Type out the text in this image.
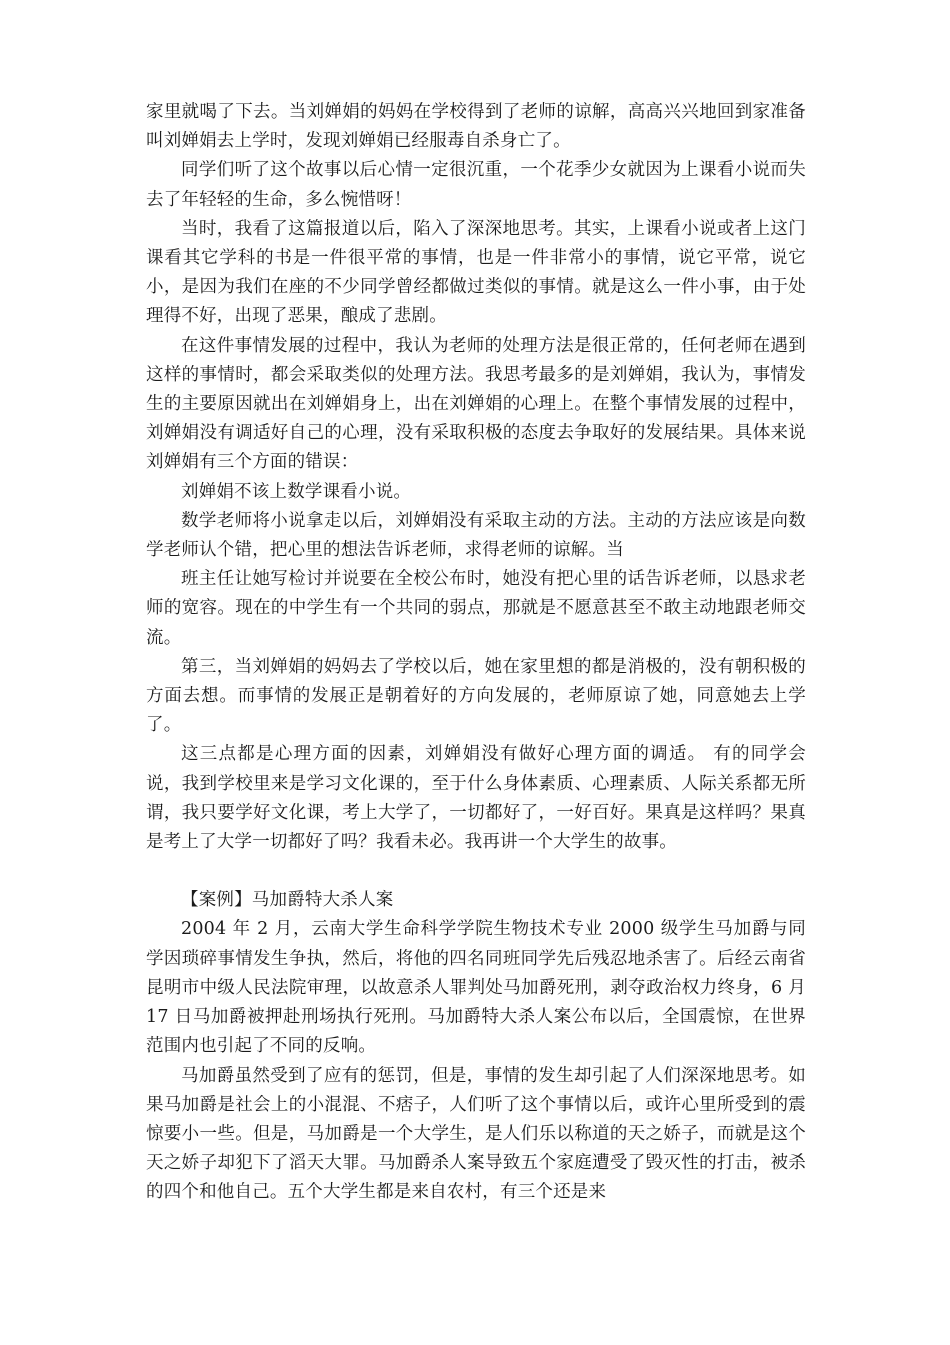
家里就喝了下去。当刘婵娟的妈妈在学校得到了老师的谅解，高高兴兴地回到家准备叫刘婵娟去上学时，发现刘婵娟已经服毒自杀身亡了。

同学们听了这个故事以后心情一定很沉重，一个花季少女就因为上课看小说而失去了年轻轻的生命，多么惋惜呀！

当时，我看了这篇报道以后，陷入了深深地思考。其实，上课看小说或者上这门课看其它学科的书是一件很平常的事情，也是一件非常小的事情，说它平常，说它小，是因为我们在座的不少同学曾经都做过类似的事情。就是这么一件小事，由于处理得不好，出现了恶果，酿成了悲剧。

在这件事情发展的过程中，我认为老师的处理方法是很正常的，任何老师在遇到这样的事情时，都会采取类似的处理方法。我思考最多的是刘婵娟，我认为，事情发生的主要原因就出在刘婵娟身上，出在刘婵娟的心理上。在整个事情发展的过程中，刘婵娟没有调适好自己的心理，没有采取积极的态度去争取好的发展结果。具体来说刘婵娟有三个方面的错误：

刘婵娟不该上数学课看小说。

数学老师将小说拿走以后，刘婵娟没有采取主动的方法。主动的方法应该是向数学老师认个错，把心里的想法告诉老师，求得老师的谅解。当

班主任让她写检讨并说要在全校公布时，她没有把心里的话告诉老师，以恳求老师的宽容。现在的中学生有一个共同的弱点，那就是不愿意甚至不敢主动地跟老师交流。

第三，当刘婵娟的妈妈去了学校以后，她在家里想的都是消极的，没有朝积极的方面去想。而事情的发展正是朝着好的方向发展的，老师原谅了她，同意她去上学了。

这三点都是心理方面的因素，刘婵娟没有做好心理方面的调适。 有的同学会说，我到学校里来是学习文化课的，至于什么身体素质、心理素质、人际关系都无所谓，我只要学好文化课，考上大学了，一切都好了，一好百好。果真是这样吗？果真是考上了大学一切都好了吗？我看未必。我再讲一个大学生的故事。

【案例】马加爵特大杀人案

2004 年 2 月，云南大学生命科学学院生物技术专业 2000 级学生马加爵与同学因琐碎事情发生争执，然后，将他的四名同班同学先后残忍地杀害了。后经云南省昆明市中级人民法院审理，以故意杀人罪判处马加爵死刑，剥夺政治权力终身，6 月 17 日马加爵被押赴刑场执行死刑。马加爵特大杀人案公布以后，全国震惊，在世界范围内也引起了不同的反响。

马加爵虽然受到了应有的惩罚，但是，事情的发生却引起了人们深深地思考。如果马加爵是社会上的小混混、不痞子，人们听了这个事情以后，或许心里所受到的震惊要小一些。但是，马加爵是一个大学生，是人们乐以称道的天之娇子，而就是这个天之娇子却犯下了滔天大罪。马加爵杀人案导致五个家庭遭受了毁灭性的打击，被杀的四个和他自己。五个大学生都是来自农村，有三个还是来
